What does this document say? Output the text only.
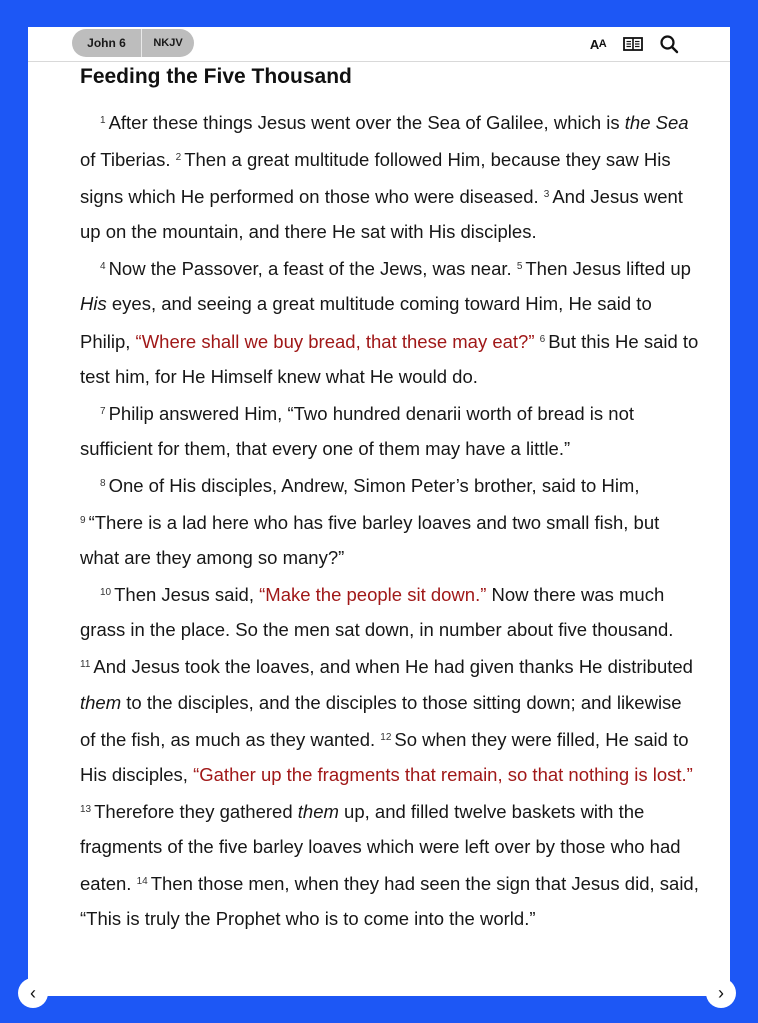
John 6	NKJV	A A
Feeding the Five Thousand

$^1$ After these things Jesus went over the Sea of Galilee, which is the Sea of Tiberias. $^2$ Then a great multitude followed Him, because they saw His signs which He performed on those who were diseased. $^3$ And Jesus went up on the mountain, and there He sat with His disciples.

$^4$ Now the Passover, a feast of the Jews, was near. $^5$ Then Jesus lifted up His eyes, and seeing a great multitude coming toward Him, He said to Philip, “Where shall we buy bread, that these may eat?” $^6$ But this He said to test him, for He Himself knew what He would do.

$^7$ Philip answered Him, “Two hundred denarii worth of bread is not sufficient for them, that every one of them may have a little.”

$^8$ One of His disciples, Andrew, Simon Peter’s brother, said to Him, $^9$ “There is a lad here who has five barley loaves and two small fish, but what are they among so many?”

$^{10}$ Then Jesus said, “Make the people sit down.” Now there was much grass in the place. So the men sat down, in number about five thousand. $^{11}$ And Jesus took the loaves, and when He had given thanks He distributed them to the disciples, and the disciples to those sitting down; and likewise of the fish, as much as they wanted. $^{12}$ So when they were filled, He said to His disciples, “Gather up the fragments that remain, so that nothing is lost.” $^{13}$ Therefore they gathered them up, and filled twelve baskets with the fragments of the five barley loaves which were left over by those who had eaten. $^{14}$ Then those men, when they had seen the sign that Jesus did, said, “This is truly the Prophet who is to come into the world.”

‹	›
